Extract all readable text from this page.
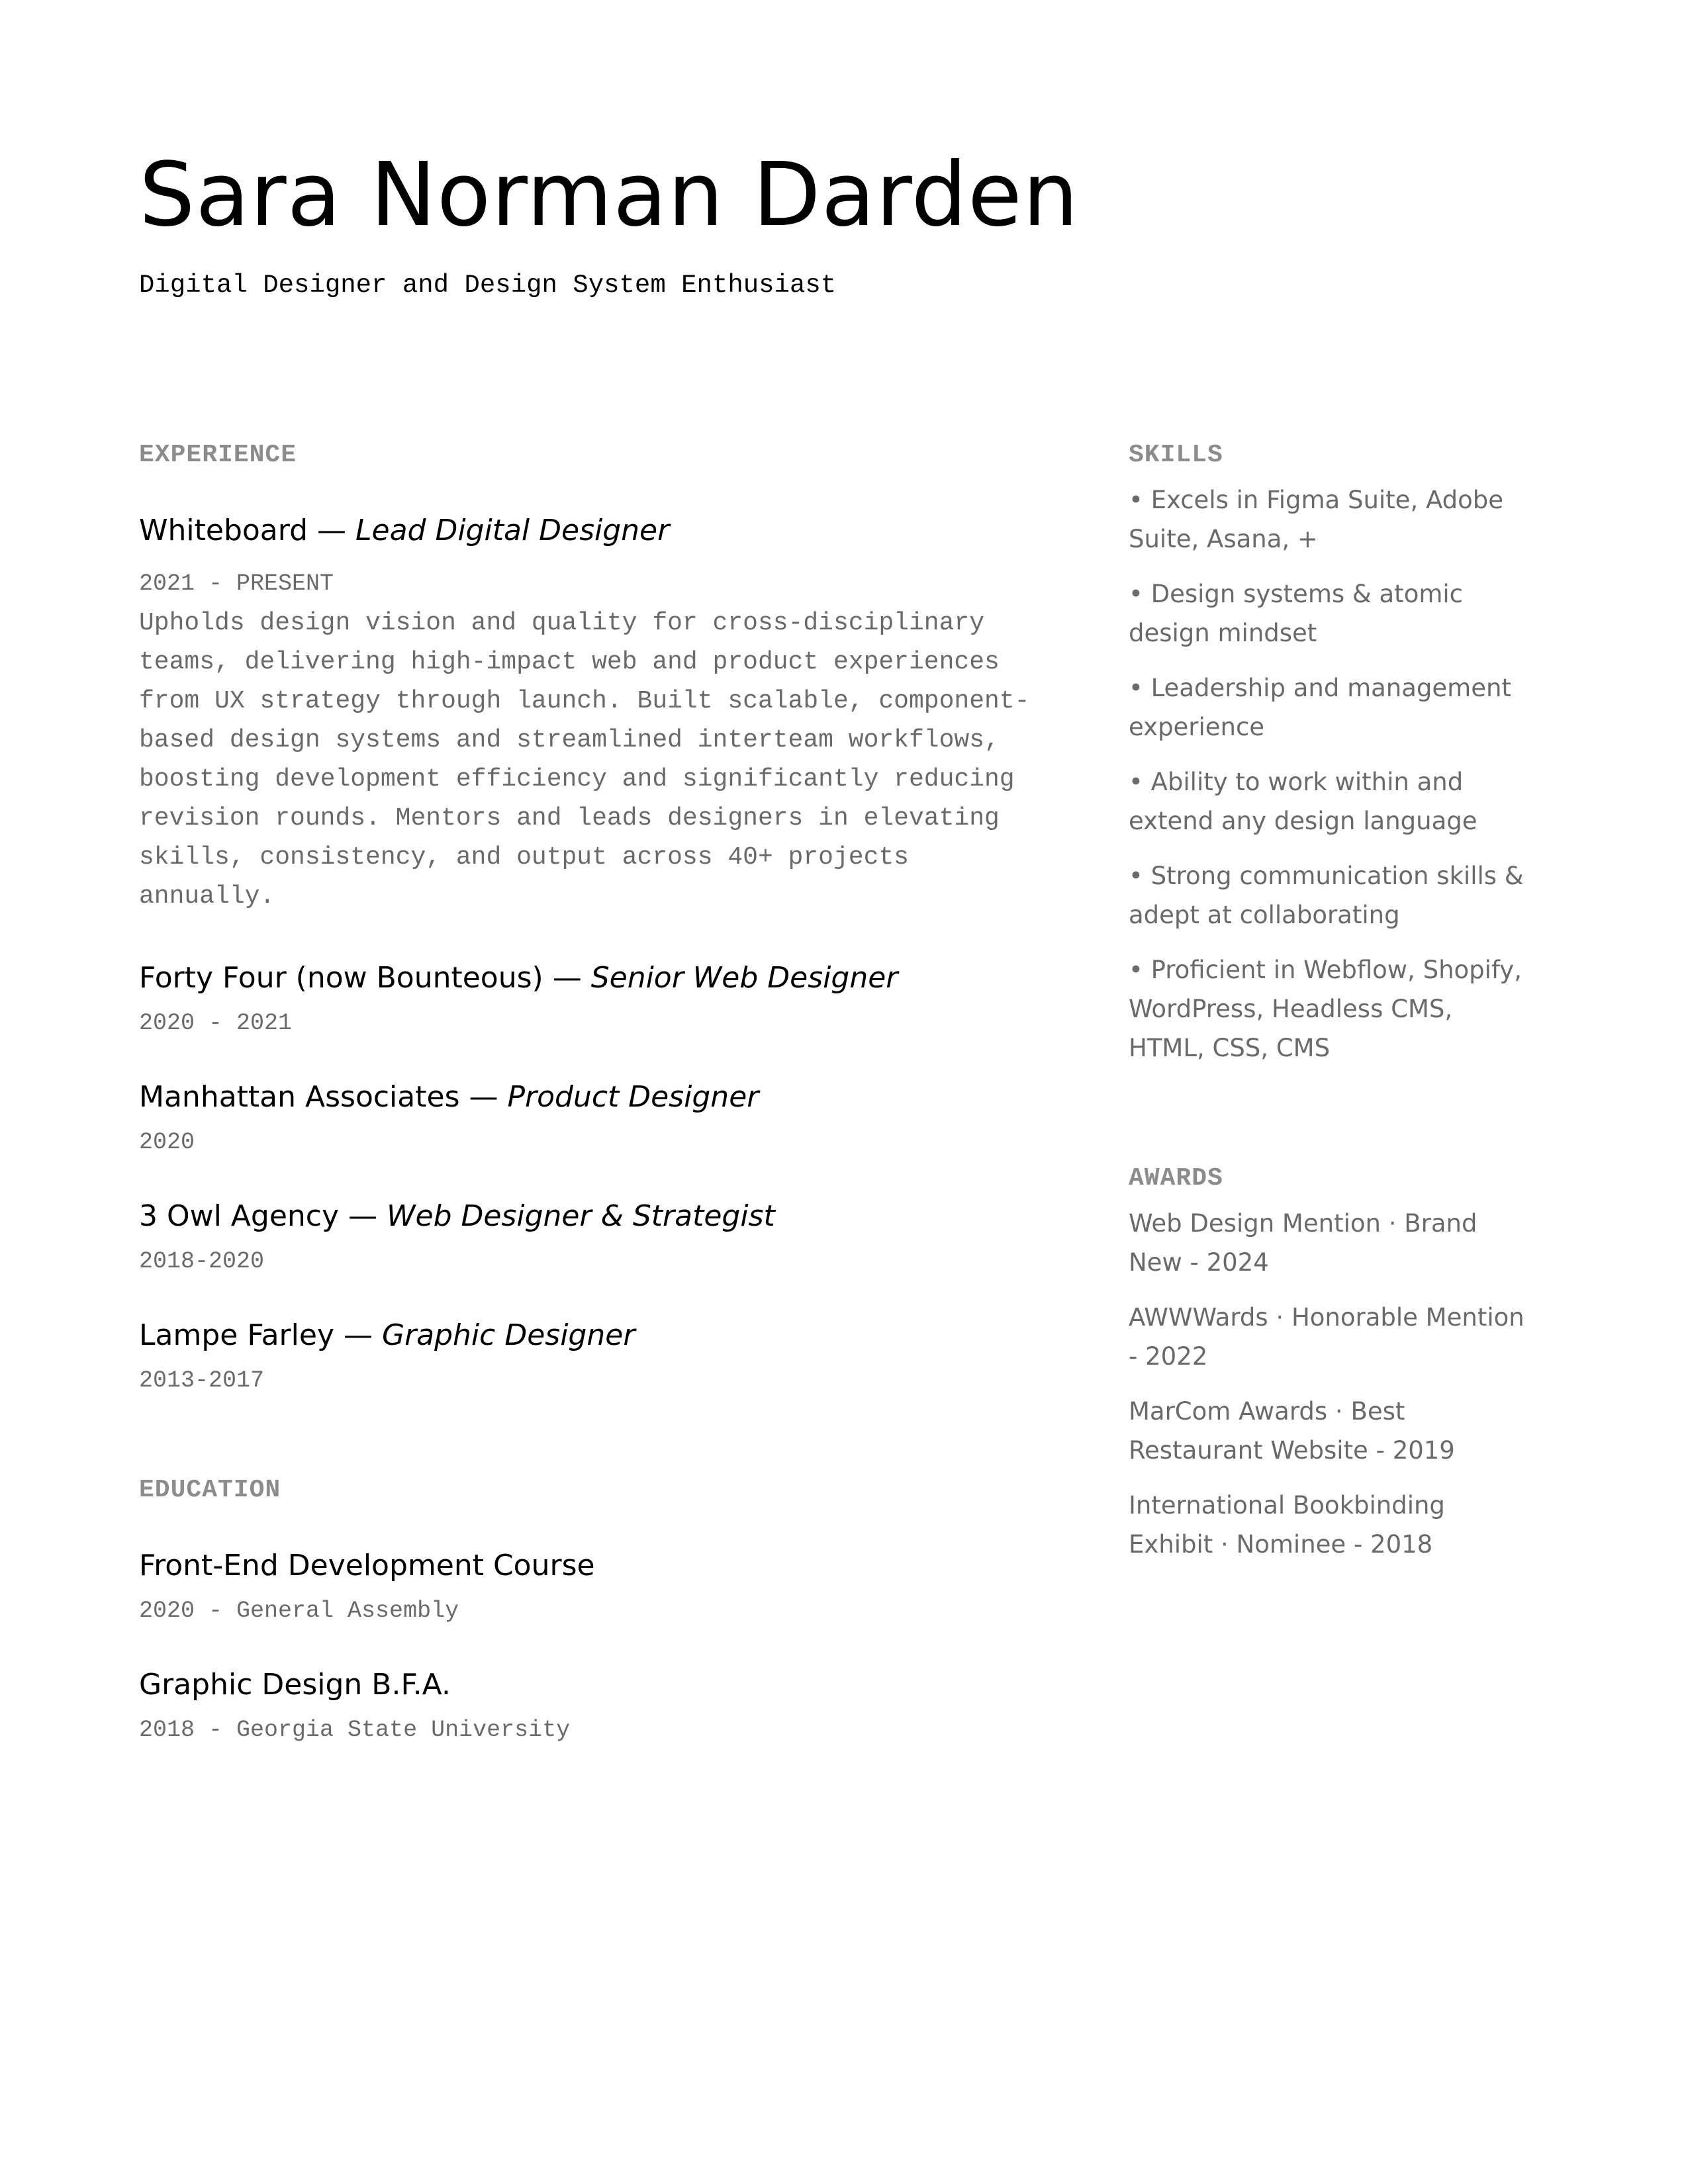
Sara Norman Darden
Digital Designer and Design System Enthusiast
EXPERIENCE
Whiteboard — Lead Digital Designer
2021 - PRESENT
Upholds design vision and quality for cross-disciplinary teams, delivering high-impact web and product experiences from UX strategy through launch. Built scalable, component-based design systems and streamlined interteam workflows, boosting development efficiency and significantly reducing revision rounds. Mentors and leads designers in elevating skills, consistency, and output across 40+ projects annually.
Forty Four (now Bounteous) — Senior Web Designer
2020 - 2021
Manhattan Associates — Product Designer
2020
3 Owl Agency — Web Designer & Strategist
2018-2020
Lampe Farley — Graphic Designer
2013-2017
EDUCATION
Front-End Development Course
2020 - General Assembly
Graphic Design B.F.A.
2018 - Georgia State University
SKILLS
• Excels in Figma Suite, Adobe Suite, Asana, +
• Design systems & atomic design mindset
• Leadership and management experience
• Ability to work within and extend any design language
• Strong communication skills & adept at collaborating
• Proficient in Webflow, Shopify, WordPress, Headless CMS, HTML, CSS, CMS
AWARDS
Web Design Mention · Brand New - 2024
AWWWards · Honorable Mention - 2022
MarCom Awards · Best Restaurant Website - 2019
International Bookbinding Exhibit · Nominee - 2018
